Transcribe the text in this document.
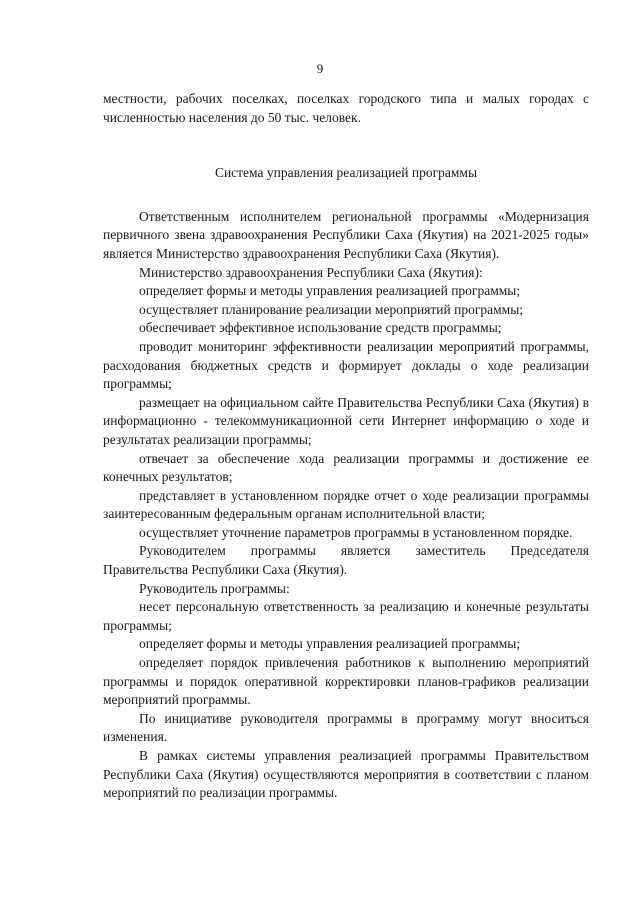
9

местности, рабочих поселках, поселках городского типа и малых городах с численностью населения до 50 тыс. человек.

Система управления реализацией программы

Ответственным исполнителем региональной программы «Модернизация первичного звена здравоохранения Республики Саха (Якутия) на 2021-2025 годы» является Министерство здравоохранения Республики Саха (Якутия).

Министерство здравоохранения Республики Саха (Якутия):

определяет формы и методы управления реализацией программы;

осуществляет планирование реализации мероприятий программы;

обеспечивает эффективное использование средств программы;

проводит мониторинг эффективности реализации мероприятий программы, расходования бюджетных средств и формирует доклады о ходе реализации программы;

размещает на официальном сайте Правительства Республики Саха (Якутия) в информационно - телекоммуникационной сети Интернет информацию о ходе и результатах реализации программы;

отвечает за обеспечение хода реализации программы и достижение ее конечных результатов;

представляет в установленном порядке отчет о ходе реализации программы заинтересованным федеральным органам исполнительной власти;

осуществляет уточнение параметров программы в установленном порядке.

Руководителем программы является заместитель Председателя Правительства Республики Саха (Якутия).

Руководитель программы:

несет персональную ответственность за реализацию и конечные результаты программы;

определяет формы и методы управления реализацией программы;

определяет порядок привлечения работников к выполнению мероприятий программы и порядок оперативной корректировки планов-графиков реализации мероприятий программы.

По инициативе руководителя программы в программу могут вноситься изменения.

В рамках системы управления реализацией программы Правительством Республики Саха (Якутия) осуществляются мероприятия в соответствии с планом мероприятий по реализации программы.
